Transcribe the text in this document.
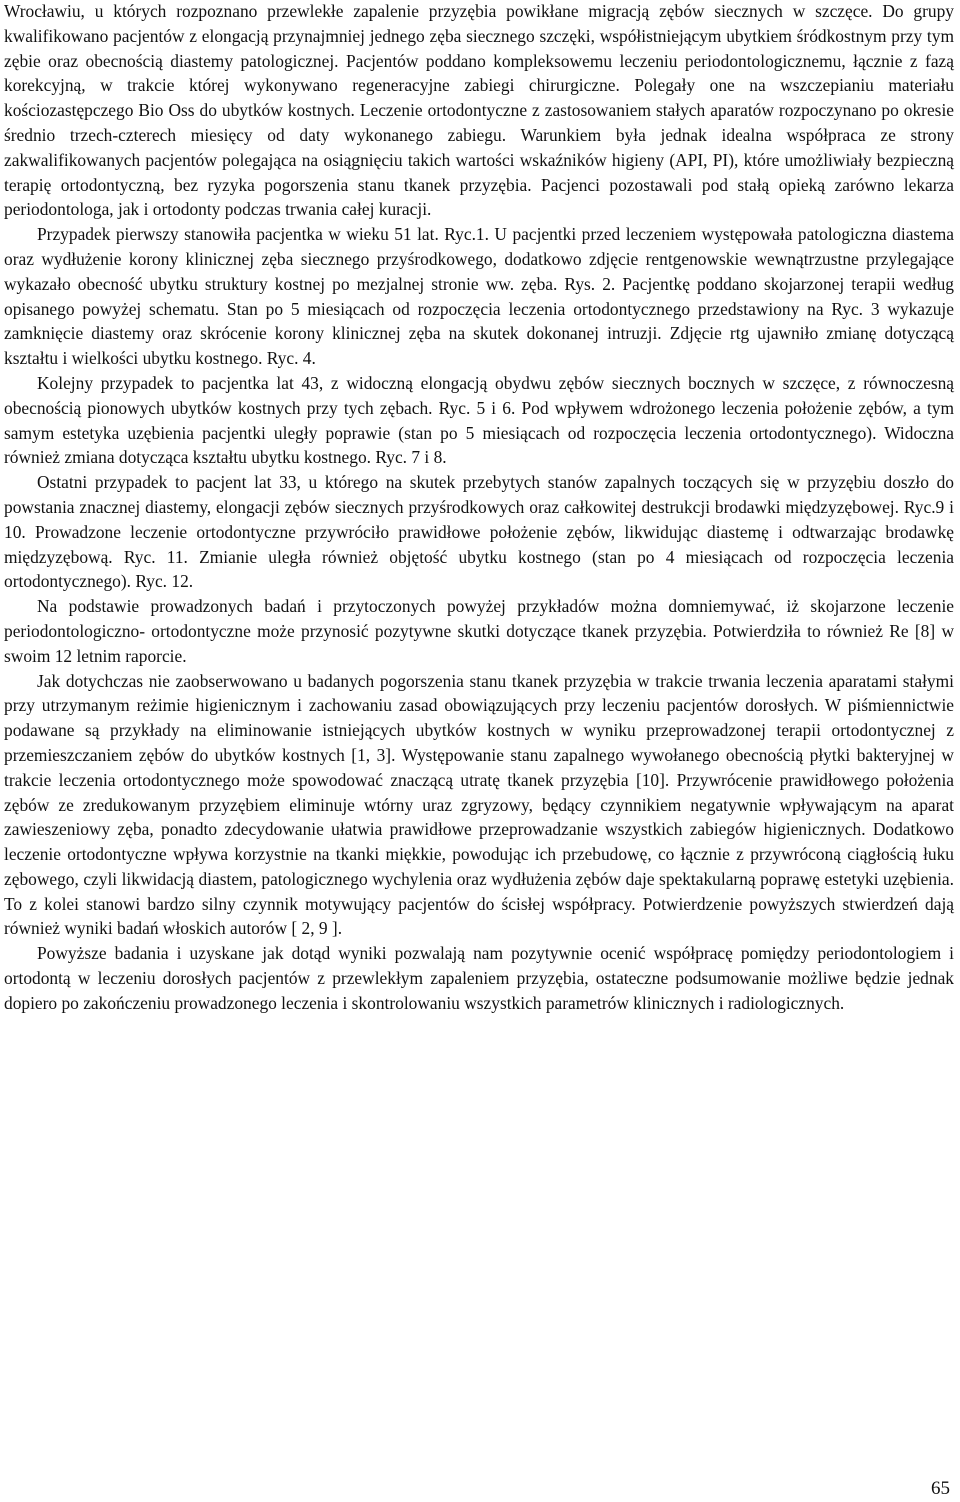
Wrocławiu, u których rozpoznano przewlekłe zapalenie przyzębia powikłane migracją zębów siecznych w szczęce. Do grupy kwalifikowano pacjentów z elongacją przynajmniej jednego zęba siecznego szczęki, współistniejącym ubytkiem śródkostnym przy tym zębie oraz obecnością diastemy patologicznej. Pacjentów poddano kompleksowemu leczeniu periodontologicznemu, łącznie z fazą korekcyjną, w trakcie której wykonywano regeneracyjne zabiegi chirurgiczne. Polegały one na wszczepianiu materiału kościozastępczego Bio Oss do ubytków kostnych. Leczenie ortodontyczne z zastosowaniem stałych aparatów rozpoczynano po okresie średnio trzech-czterech miesięcy od daty wykonanego zabiegu. Warunkiem była jednak idealna współpraca ze strony zakwalifikowanych pacjentów polegająca na osiągnięciu takich wartości wskaźników higieny (API, PI), które umożliwiały bezpieczną terapię ortodontyczną, bez ryzyka pogorszenia stanu tkanek przyzębia. Pacjenci pozostawali pod stałą opieką zarówno lekarza periodontologa, jak i ortodonty podczas trwania całej kuracji.

Przypadek pierwszy stanowiła pacjentka w wieku 51 lat. Ryc.1. U pacjentki przed leczeniem występowała patologiczna diastema oraz wydłużenie korony klinicznej zęba siecznego przyśrodkowego, dodatkowo zdjęcie rentgenowskie wewnątrzustne przylegające wykazało obecność ubytku struktury kostnej po mezjalnej stronie ww. zęba. Rys. 2. Pacjentkę poddano skojarzonej terapii według opisanego powyżej schematu. Stan po 5 miesiącach od rozpoczęcia leczenia ortodontycznego przedstawiony na Ryc. 3 wykazuje zamknięcie diastemy oraz skrócenie korony klinicznej zęba na skutek dokonanej intruzji. Zdjęcie rtg ujawniło zmianę dotyczącą kształtu i wielkości ubytku kostnego. Ryc. 4.

Kolejny przypadek to pacjentka lat 43, z widoczną elongacją obydwu zębów siecznych bocznych w szczęce, z równoczesną obecnością pionowych ubytków kostnych przy tych zębach. Ryc. 5 i 6. Pod wpływem wdrożonego leczenia położenie zębów, a tym samym estetyka uzębienia pacjentki uległy poprawie (stan po 5 miesiącach od rozpoczęcia leczenia ortodontycznego). Widoczna również zmiana dotycząca kształtu ubytku kostnego. Ryc. 7 i 8.

Ostatni przypadek to pacjent lat 33, u którego na skutek przebytych stanów zapalnych toczących się w przyzębiu doszło do powstania znacznej diastemy, elongacji zębów siecznych przyśrodkowych oraz całkowitej destrukcji brodawki międzyzębowej. Ryc.9 i 10. Prowadzone leczenie ortodontyczne przywróciło prawidłowe położenie zębów, likwidując diastemę i odtwarzając brodawkę międzyzębową. Ryc. 11. Zmianie uległa również objętość ubytku kostnego (stan po 4 miesiącach od rozpoczęcia leczenia ortodontycznego). Ryc. 12.

Na podstawie prowadzonych badań i przytoczonych powyżej przykładów można domniemywać, iż skojarzone leczenie periodontologiczno- ortodontyczne może przynosić pozytywne skutki dotyczące tkanek przyzębia. Potwierdziła to również Re [8] w swoim 12 letnim raporcie.

Jak dotychczas nie zaobserwowano u badanych pogorszenia stanu tkanek przyzębia w trakcie trwania leczenia aparatami stałymi przy utrzymanym reżimie higienicznym i zachowaniu zasad obowiązujących przy leczeniu pacjentów dorosłych. W piśmiennictwie podawane są przykłady na eliminowanie istniejących ubytków kostnych w wyniku przeprowadzonej terapii ortodontycznej z przemieszczaniem zębów do ubytków kostnych [1, 3]. Występowanie stanu zapalnego wywołanego obecnością płytki bakteryjnej w trakcie leczenia ortodontycznego może spowodować znaczącą utratę tkanek przyzębia [10]. Przywrócenie prawidłowego położenia zębów ze zredukowanym przyzębiem eliminuje wtórny uraz zgryzowy, będący czynnikiem negatywnie wpływającym na aparat zawieszeniowy zęba, ponadto zdecydowanie ułatwia prawidłowe przeprowadzanie wszystkich zabiegów higienicznych. Dodatkowo leczenie ortodontyczne wpływa korzystnie na tkanki miękkie, powodując ich przebudowę, co łącznie z przywróconą ciągłością łuku zębowego, czyli likwidacją diastem, patologicznego wychylenia oraz wydłużenia zębów daje spektakularną poprawę estetyki uzębienia. To z kolei stanowi bardzo silny czynnik motywujący pacjentów do ścisłej współpracy. Potwierdzenie powyższych stwierdzeń dają również wyniki badań włoskich autorów [ 2, 9 ].

Powyższe badania i uzyskane jak dotąd wyniki pozwalają nam pozytywnie ocenić współpracę pomiędzy periodontologiem i ortodontą w leczeniu dorosłych pacjentów z przewlekłym zapaleniem przyzębia, ostateczne podsumowanie możliwe będzie jednak dopiero po zakończeniu prowadzonego leczenia i skontrolowaniu wszystkich parametrów klinicznych i radiologicznych.

65
